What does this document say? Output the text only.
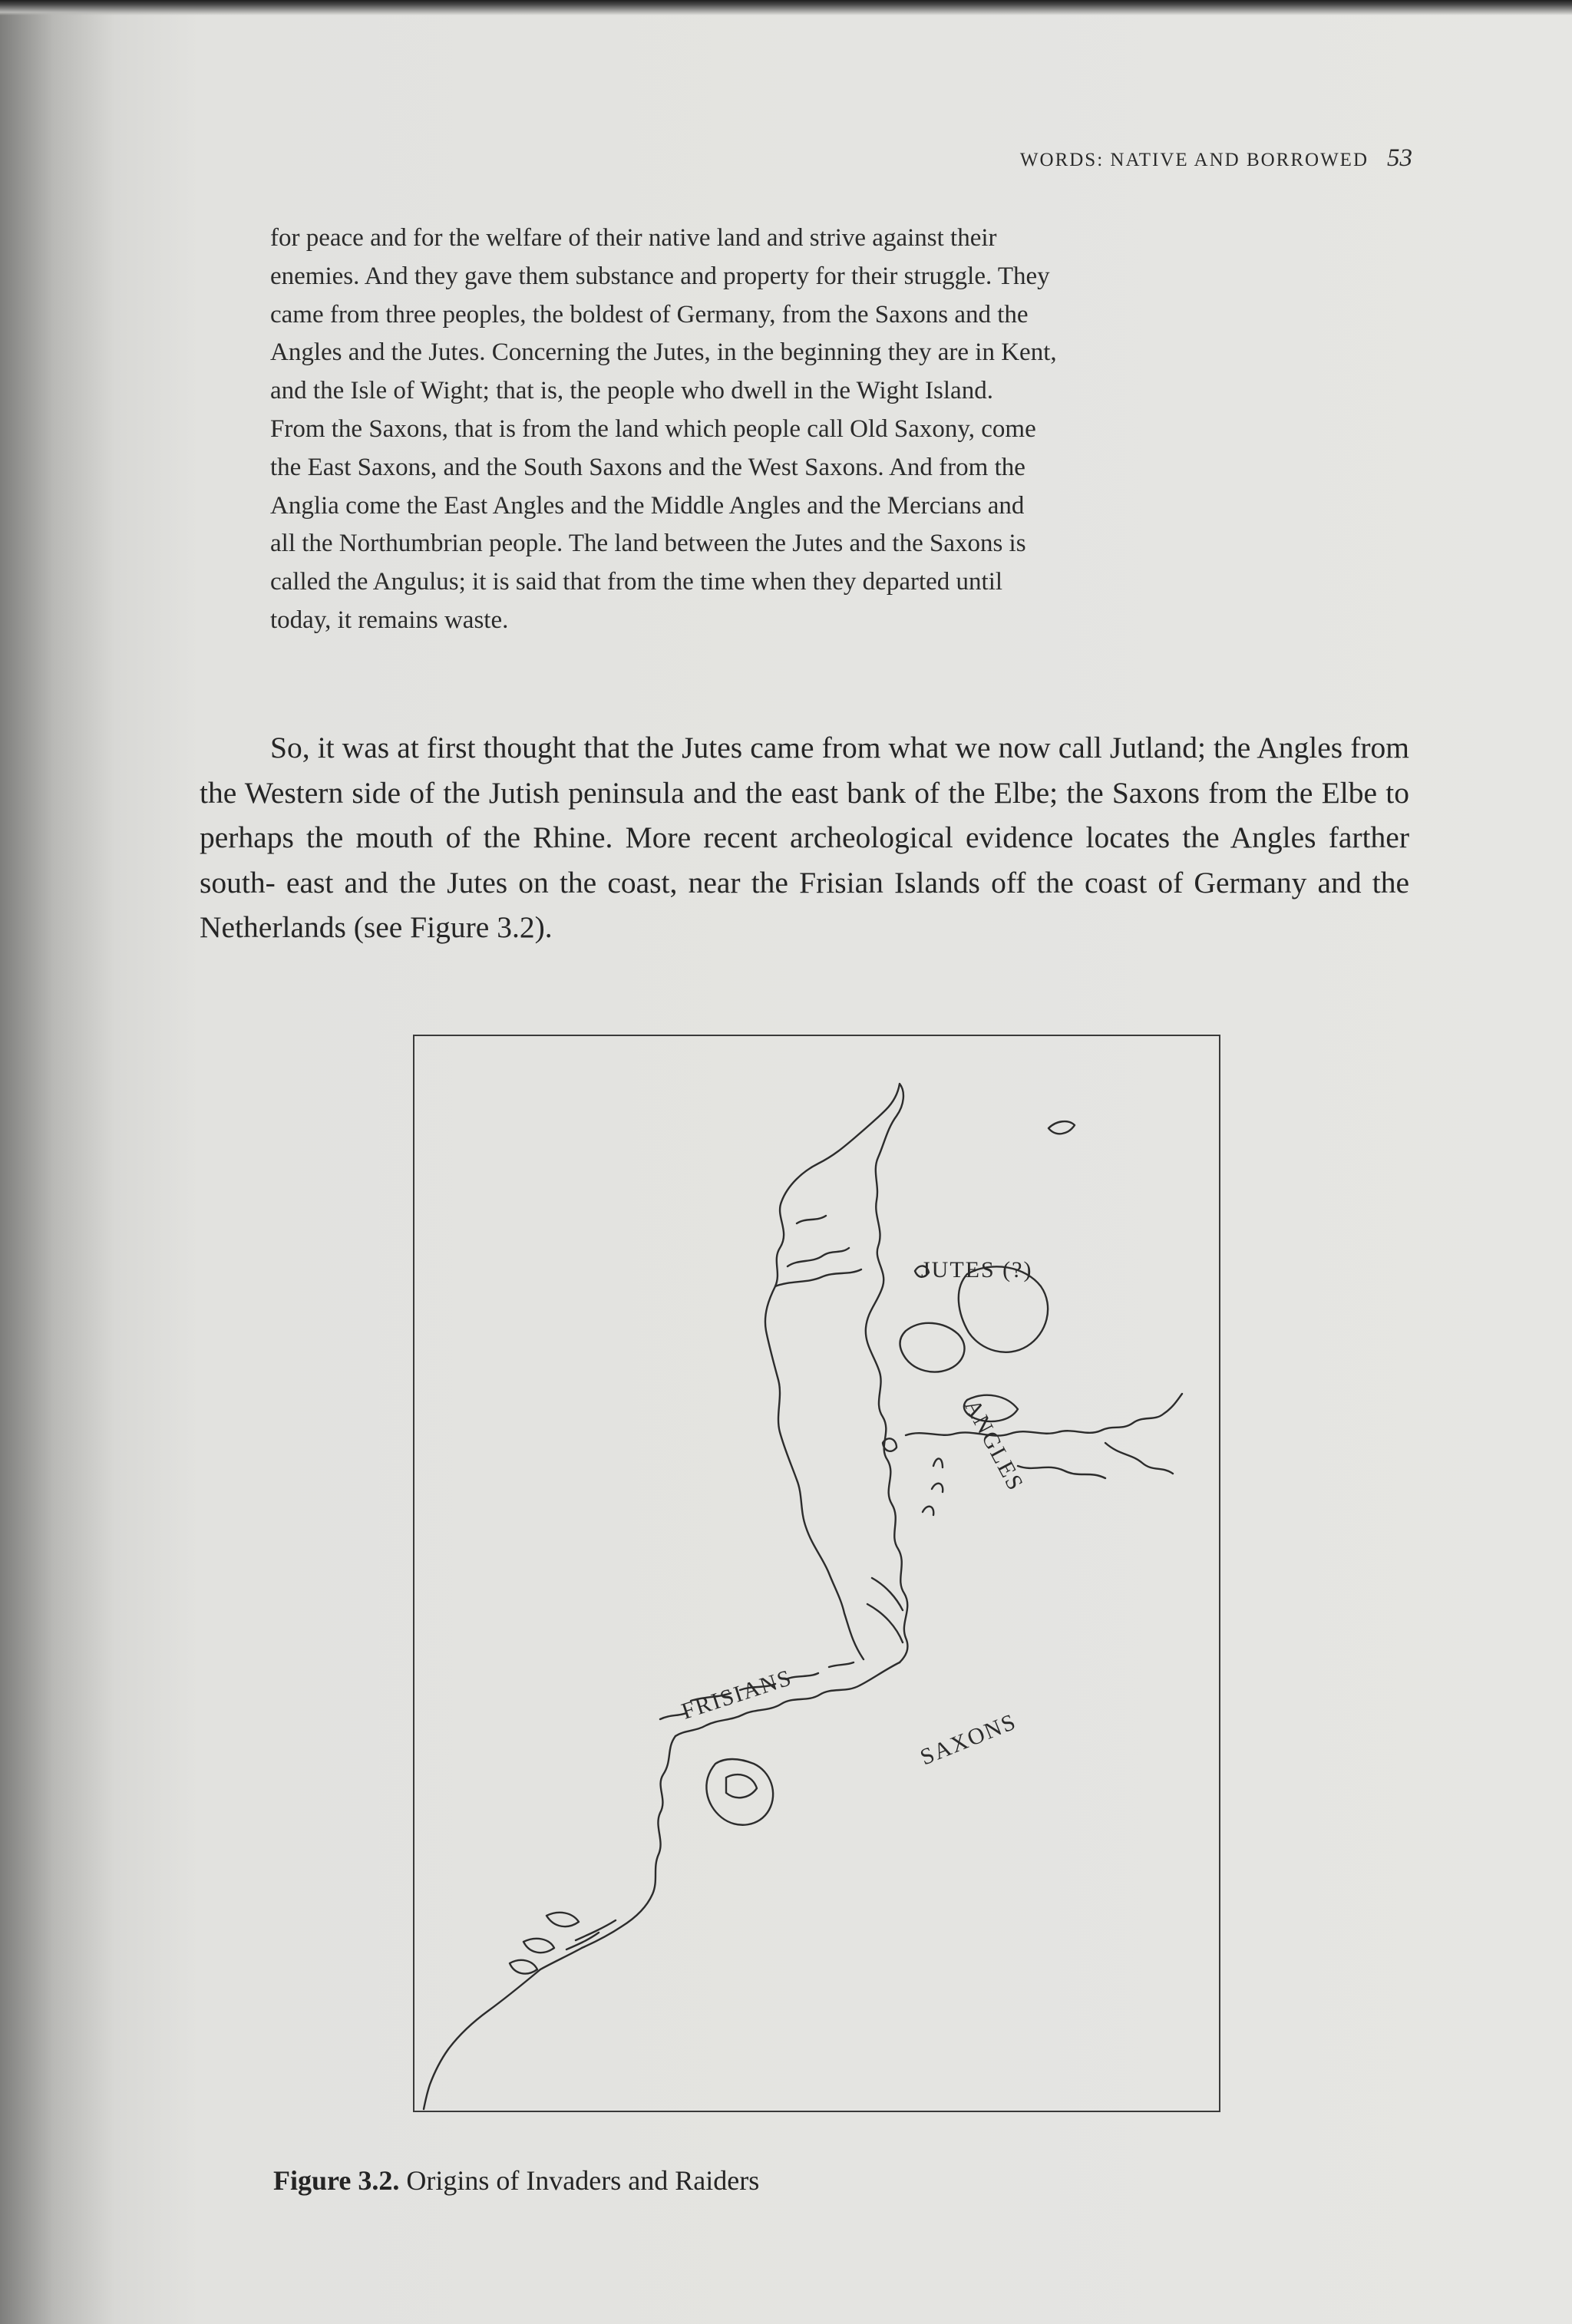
WORDS: NATIVE AND BORROWED 53

for peace and for the welfare of their native land and strive against their

enemies. And they gave them substance and property for their struggle. They

came from three peoples, the boldest of Germany, from the Saxons and the

Angles and the Jutes. Concerning the Jutes, in the beginning they are in Kent,

and the Isle of Wight; that is, the people who dwell in the Wight Island.

From the Saxons, that is from the land which people call Old Saxony, come

the East Saxons, and the South Saxons and the West Saxons. And from the

Anglia come the East Angles and the Middle Angles and the Mercians and

all the Northumbrian people. The land between the Jutes and the Saxons is

called the Angulus; it is said that from the time when they departed until

today, it remains waste.

So, it was at first thought that the Jutes came from what we now call Jutland; the Angles from the Western side of the Jutish peninsula and the east bank of the Elbe; the Saxons from the Elbe to perhaps the mouth of the Rhine. More recent archeological evidence locates the Angles farther south- east and the Jutes on the coast, near the Frisian Islands off the coast of Germany and the Netherlands (see Figure 3.2).
JUTES (?)
ANGLES
FRISIANS
SAXONS
Figure 3.2. Origins of Invaders and Raiders
